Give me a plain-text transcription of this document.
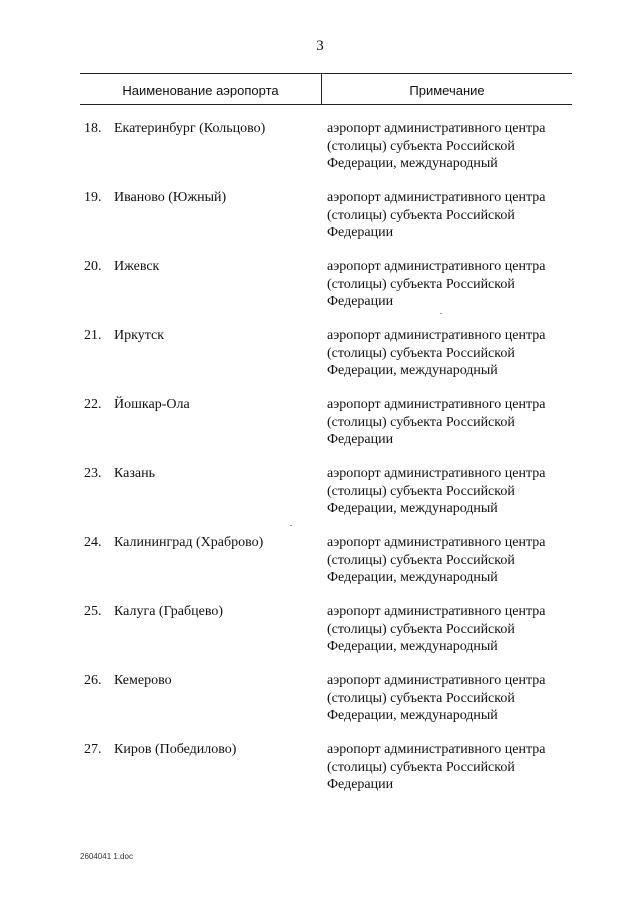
3
Наименование аэропорта	Примечание
18. Екатеринбург (Кольцово)	аэропорт административного центра
(столицы) субъекта Российской
Федерации, международный
19. Иваново (Южный)	аэропорт административного центра
(столицы) субъекта Российской
Федерации
20. Ижевск	аэропорт административного центра
(столицы) субъекта Российской
Федерации
21. Иркутск	аэропорт административного центра
(столицы) субъекта Российской
Федерации, международный
22. Йошкар-Ола	аэропорт административного центра
(столицы) субъекта Российской
Федерации
23. Казань	аэропорт административного центра
(столицы) субъекта Российской
Федерации, международный
24. Калининград (Храброво)	аэропорт административного центра
(столицы) субъекта Российской
Федерации, международный
25. Калуга (Грабцево)	аэропорт административного центра
(столицы) субъекта Российской
Федерации, международный
26. Кемерово	аэропорт административного центра
(столицы) субъекта Российской
Федерации, международный
27. Киров (Победилово)	аэропорт административного центра
(столицы) субъекта Российской
Федерации
2604041 1.doc
